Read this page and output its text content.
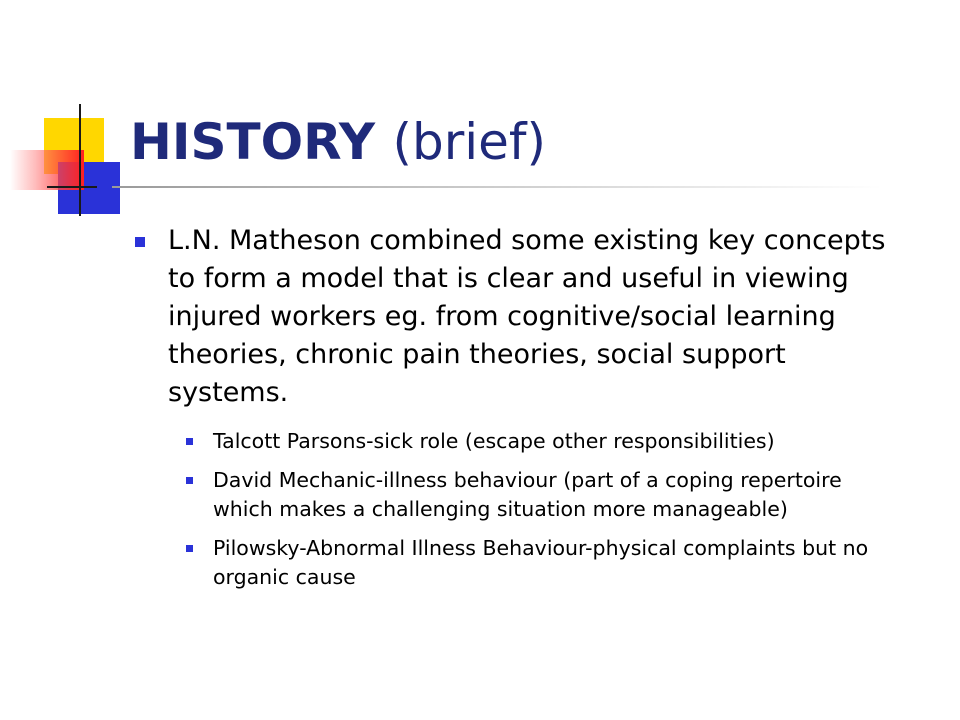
HISTORY (brief)

L.N. Matheson combined some existing key concepts to form a model that is clear and useful in viewing injured workers eg. from cognitive/social learning theories, chronic pain theories, social support systems.

Talcott Parsons-sick role (escape other responsibilities)
David Mechanic-illness behaviour (part of a coping repertoire which makes a challenging situation more manageable)
Pilowsky-Abnormal Illness Behaviour-physical complaints but no organic cause
